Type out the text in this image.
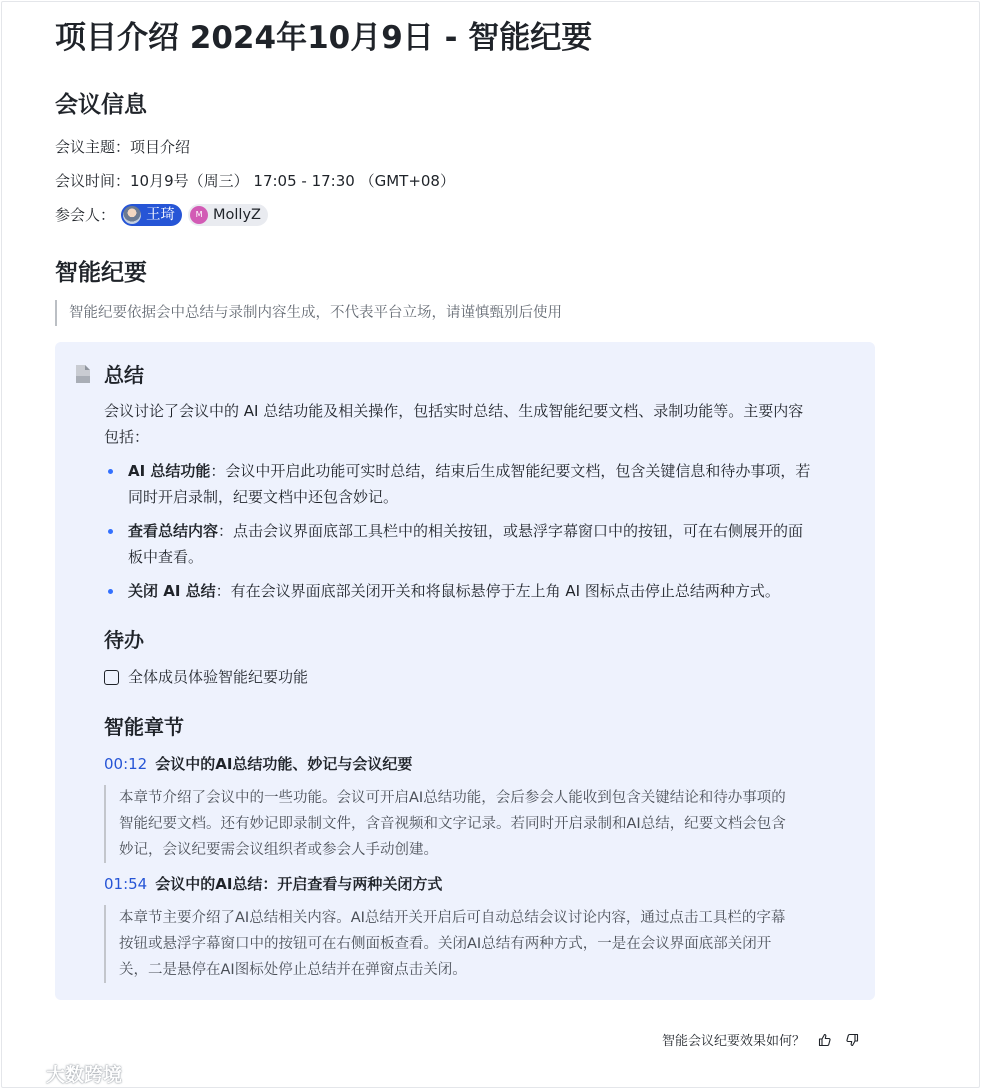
项目介绍 2024年10月9日 - 智能纪要
会议信息
会议主题：项目介绍
会议时间：10月9号（周三） 17:05 - 17:30 （GMT+08）
参会人： 王琦	M MollyZ
智能纪要
智能纪要依据会中总结与录制内容生成，不代表平台立场，请谨慎甄别后使用
总结
会议讨论了会议中的 AI 总结功能及相关操作，包括实时总结、生成智能纪要文档、录制功能等。主要内容
包括：
AI 总结功能：会议中开启此功能可实时总结，结束后生成智能纪要文档，包含关键信息和待办事项，若
同时开启录制，纪要文档中还包含妙记。
查看总结内容：点击会议界面底部工具栏中的相关按钮，或悬浮字幕窗口中的按钮，可在右侧展开的面
板中查看。
关闭 AI 总结：有在会议界面底部关闭开关和将鼠标悬停于左上角 AI 图标点击停止总结两种方式。
待办
全体成员体验智能纪要功能
智能章节
00:12 会议中的AI总结功能、妙记与会议纪要
本章节介绍了会议中的一些功能。会议可开启AI总结功能，会后参会人能收到包含关键结论和待办事项的
智能纪要文档。还有妙记即录制文件，含音视频和文字记录。若同时开启录制和AI总结，纪要文档会包含
妙记，会议纪要需会议组织者或参会人手动创建。
01:54 会议中的AI总结：开启查看与两种关闭方式
本章节主要介绍了AI总结相关内容。AI总结开关开启后可自动总结会议讨论内容，通过点击工具栏的字幕
按钮或悬浮字幕窗口中的按钮可在右侧面板查看。关闭AI总结有两种方式，一是在会议界面底部关闭开
关，二是悬停在AI图标处停止总结并在弹窗点击关闭。
智能会议纪要效果如何？
大数跨境
